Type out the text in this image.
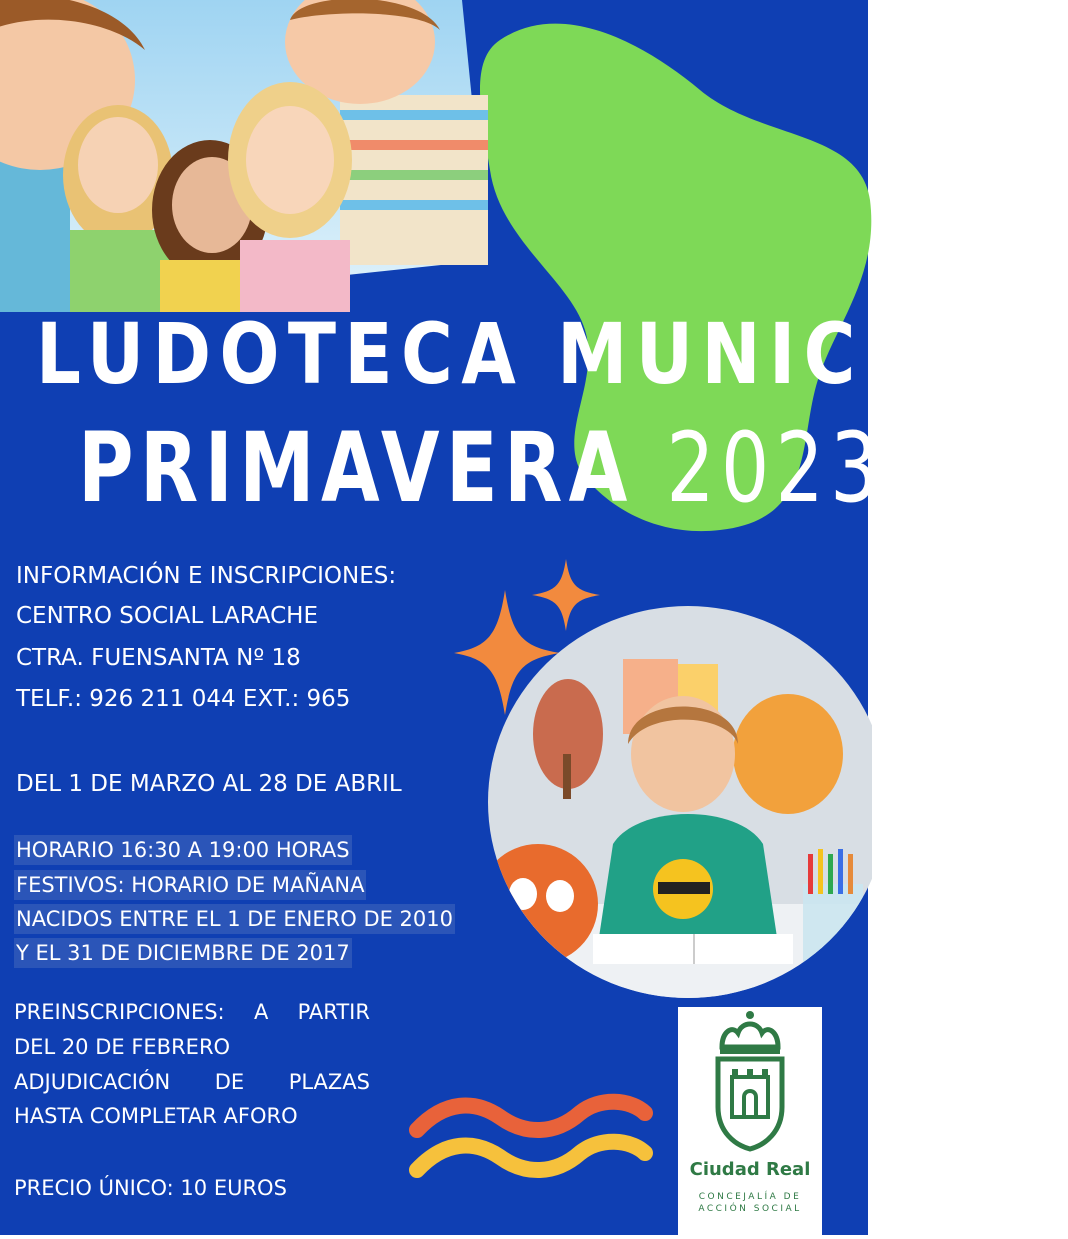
LUDOTECA MUNICIPAL
PRIMAVERA 2023
INFORMACIÓN E INSCRIPCIONES:
CENTRO SOCIAL LARACHE
CTRA. FUENSANTA Nº 18
TELF.: 926 211 044 EXT.: 965
DEL 1 DE MARZO AL 28 DE ABRIL
HORARIO 16:30 A 19:00 HORAS
FESTIVOS: HORARIO DE MAÑANA
NACIDOS ENTRE EL 1 DE ENERO DE 2010
Y EL 31 DE DICIEMBRE DE 2017
PREINSCRIPCIONES: A PARTIR
DEL 20 DE FEBRERO
ADJUDICACIÓN DE PLAZAS
HASTA COMPLETAR AFORO
PRECIO ÚNICO: 10 EUROS
Ciudad Real
CONCEJALÍA DE
ACCIÓN SOCIAL
